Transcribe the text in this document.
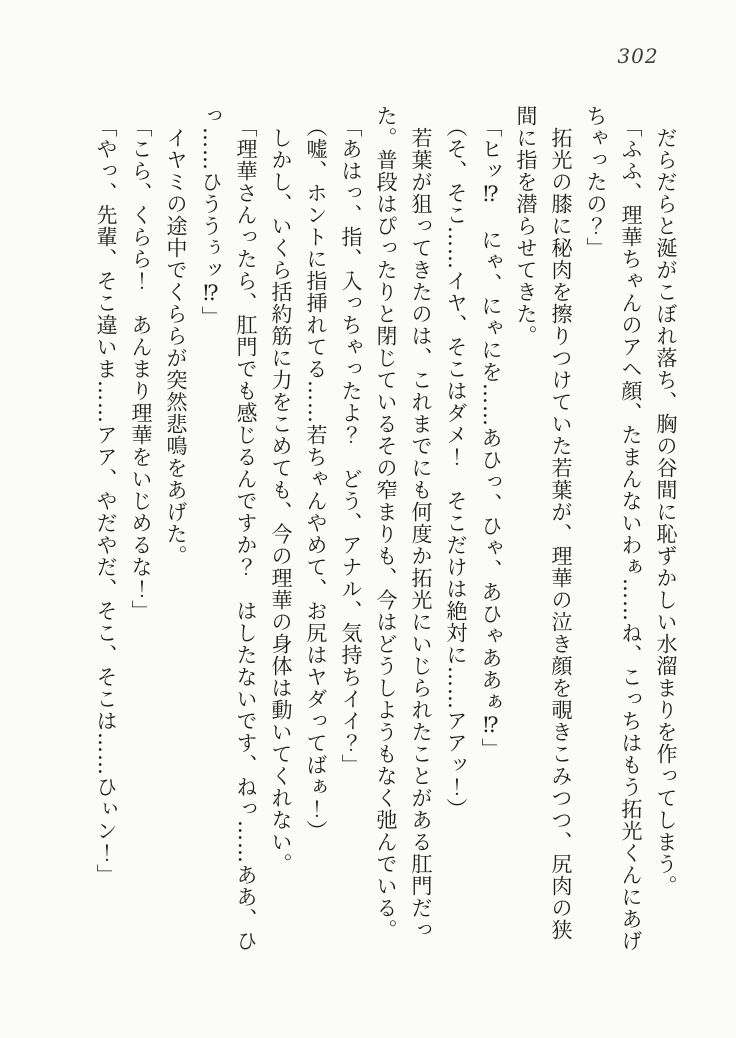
302
だらだらと涎がこぼれ落ち、胸の谷間に恥ずかしい水溜まりを作ってしまう。
「ふふ、理華ちゃんのアヘ顔、たまんないわぁ……ね、こっちはもう拓光くんにあげ
ちゃったの？」
拓光の膝に秘肉を擦りつけていた若葉が、理華の泣き顔を覗きこみつつ、尻肉の狭
間に指を潜らせてきた。
「ヒッ⁉　にゃ、にゃにを……あひっ、ひゃ、あひゃああぁ⁉」
（そ、そこ……イヤ、そこはダメ！　そこだけは絶対に……アアッ！）
若葉が狙ってきたのは、これまでにも何度か拓光にいじられたことがある肛門だっ
た。普段はぴったりと閉じているその窄まりも、今はどうしようもなく弛んでいる。
「あはっ、指、入っちゃったよ？　どう、アナル、気持ちイイ？」
（嘘、ホントに指挿れてる……若ちゃんやめて、お尻はヤダってばぁ！）
しかし、いくら括約筋に力をこめても、今の理華の身体は動いてくれない。
「理華さんったら、肛門でも感じるんですか？　はしたないです、ねっ……ああ、ひ
っ……ひううぅッ⁉」
イヤミの途中でくららが突然悲鳴をあげた。
「こら、くらら！　あんまり理華をいじめるな！」
「やっ、先輩、そこ違いま……アア、やだやだ、そこ、そこは……ひぃン！」
